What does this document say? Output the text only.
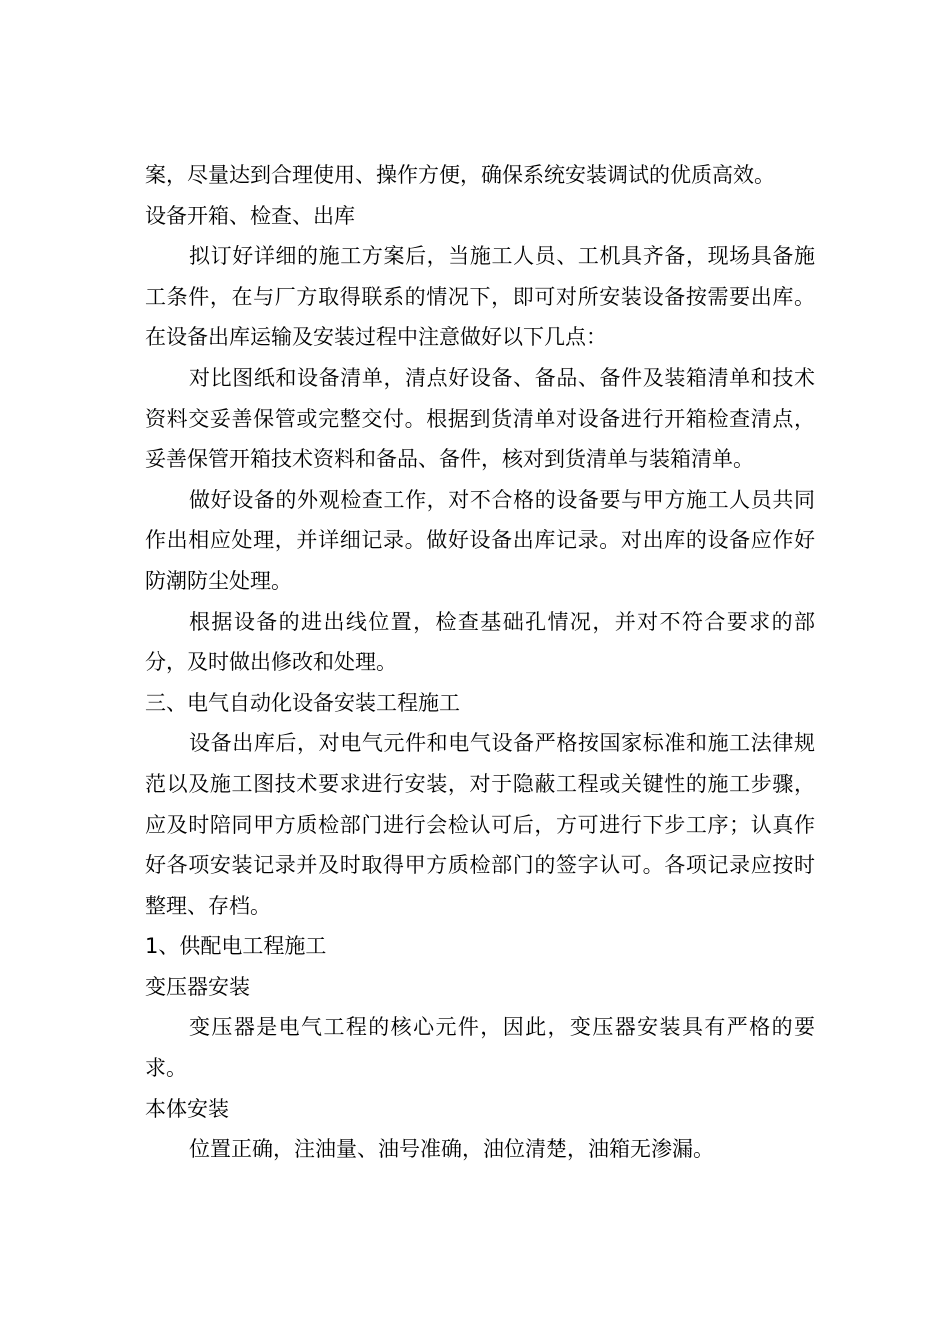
案，尽量达到合理使用、操作方便，确保系统安装调试的优质高效。

设备开箱、检查、出库

拟订好详细的施工方案后，当施工人员、工机具齐备，现场具备施工条件，在与厂方取得联系的情况下，即可对所安装设备按需要出库。在设备出库运输及安装过程中注意做好以下几点：

对比图纸和设备清单，清点好设备、备品、备件及装箱清单和技术资料交妥善保管或完整交付。根据到货清单对设备进行开箱检查清点，妥善保管开箱技术资料和备品、备件，核对到货清单与装箱清单。

做好设备的外观检查工作，对不合格的设备要与甲方施工人员共同作出相应处理，并详细记录。做好设备出库记录。对出库的设备应作好防潮防尘处理。

根据设备的进出线位置，检查基础孔情况，并对不符合要求的部分，及时做出修改和处理。

三、电气自动化设备安装工程施工

设备出库后，对电气元件和电气设备严格按国家标准和施工法律规范以及施工图技术要求进行安装，对于隐蔽工程或关键性的施工步骤，应及时陪同甲方质检部门进行会检认可后，方可进行下步工序；认真作好各项安装记录并及时取得甲方质检部门的签字认可。各项记录应按时整理、存档。

1、供配电工程施工

变压器安装

变压器是电气工程的核心元件，因此，变压器安装具有严格的要求。

本体安装

位置正确，注油量、油号准确，油位清楚，油箱无渗漏。
